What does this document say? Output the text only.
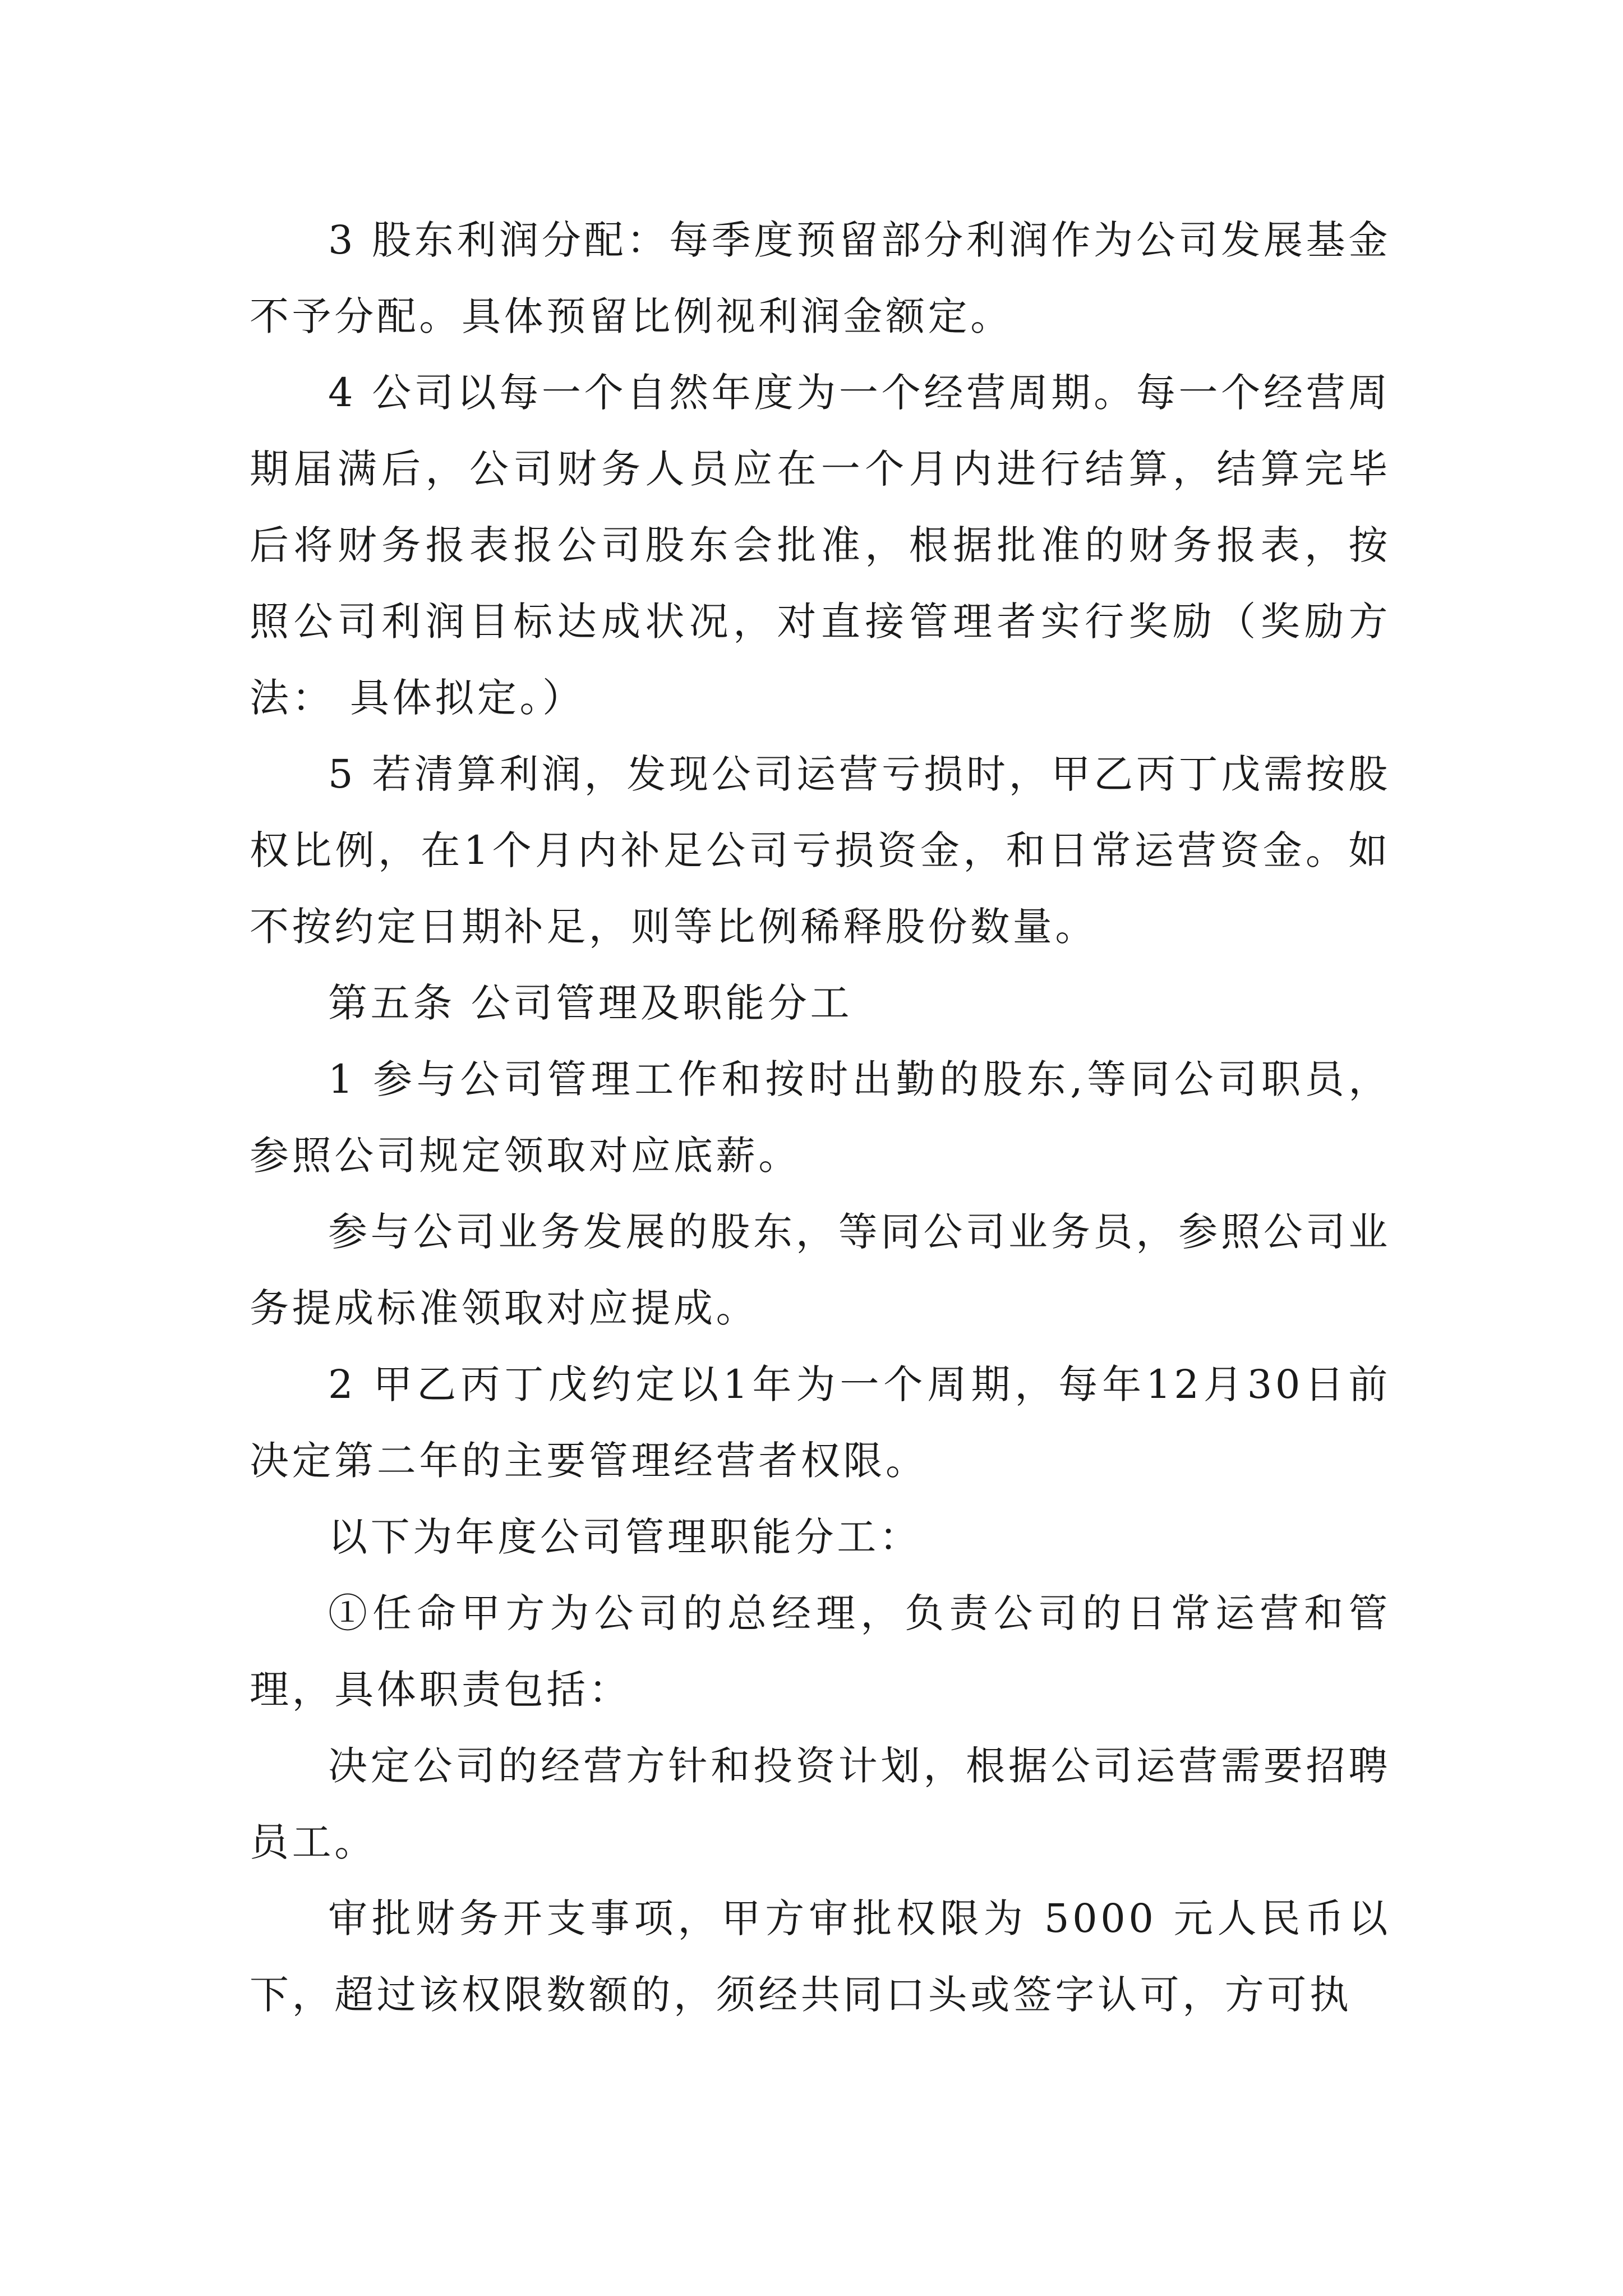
3 股东利润分配：每季度预留部分利润作为公司发展基金不予分配。具体预留比例视利润金额定。

4 公司以每一个自然年度为一个经营周期。每一个经营周期届满后，公司财务人员应在一个月内进行结算，结算完毕后将财务报表报公司股东会批准，根据批准的财务报表，按照公司利润目标达成状况，对直接管理者实行奖励（奖励方法： 具体拟定。）

5 若清算利润，发现公司运营亏损时，甲乙丙丁戊需按股权比例，在1个月内补足公司亏损资金，和日常运营资金。如不按约定日期补足，则等比例稀释股份数量。

第五条 公司管理及职能分工

1 参与公司管理工作和按时出勤的股东,等同公司职员，参照公司规定领取对应底薪。

参与公司业务发展的股东，等同公司业务员，参照公司业务提成标准领取对应提成。

2 甲乙丙丁戊约定以1年为一个周期，每年12月30日前决定第二年的主要管理经营者权限。

以下为年度公司管理职能分工：

①任命甲方为公司的总经理，负责公司的日常运营和管理，具体职责包括：

决定公司的经营方针和投资计划，根据公司运营需要招聘员工。

审批财务开支事项，甲方审批权限为 5000 元人民币以下，超过该权限数额的，须经共同口头或签字认可，方可执
